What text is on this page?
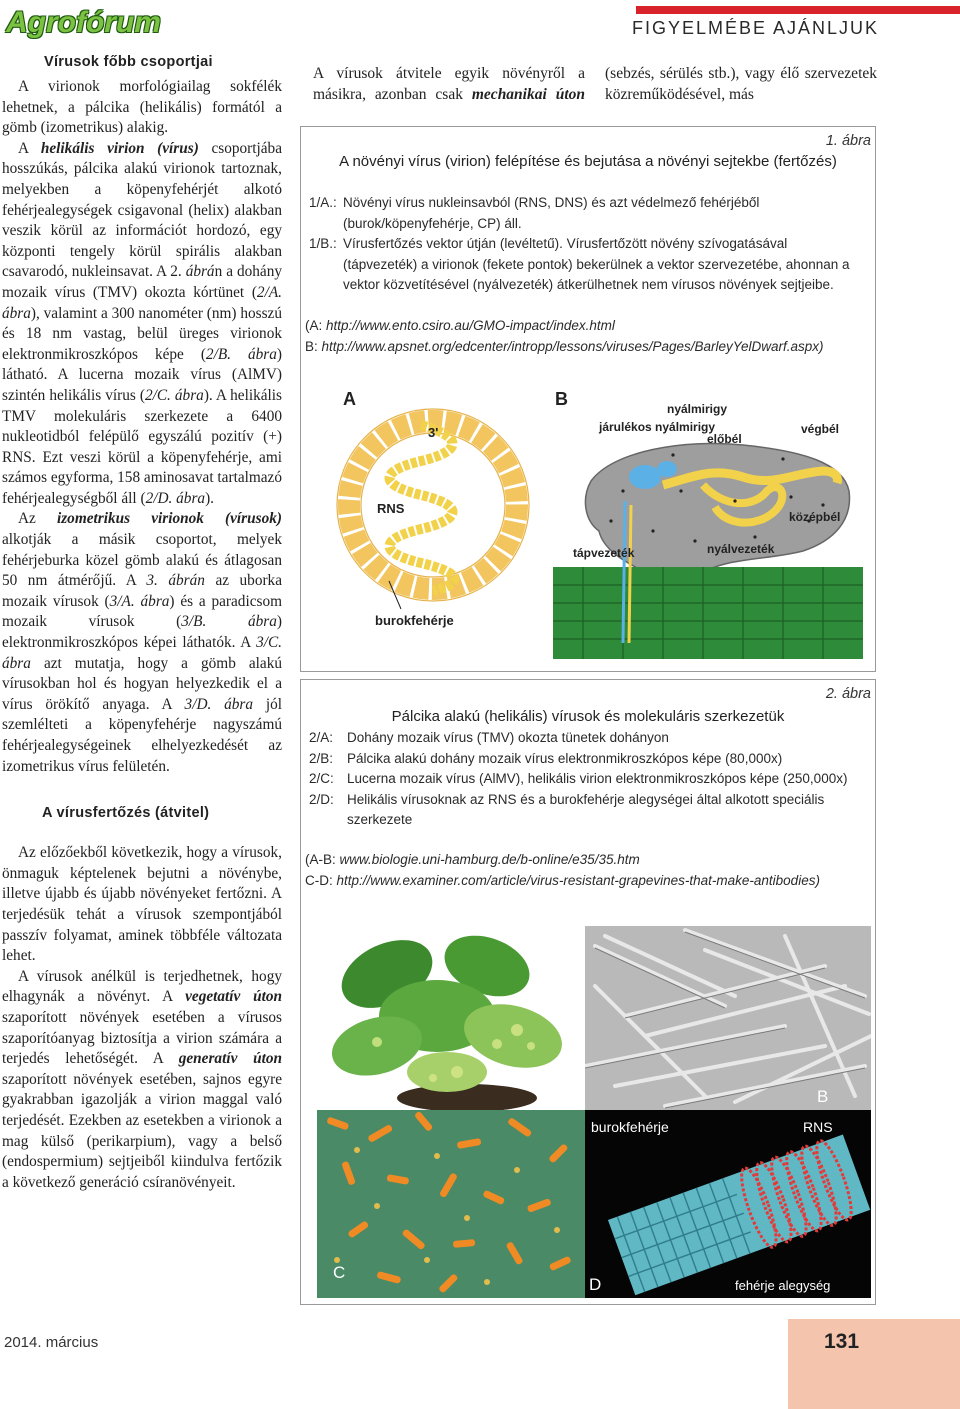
Agrofórum	FIGYELMÉBE AJÁNLJUK
Vírusok főbb csoportjai

A virionok morfológiailag sokfélék lehetnek, a pálcika (helikális) formától a gömb (izometrikus) alakig.

A helikális virion (vírus) csoportjába hosszúkás, pálcika alakú virionok tartoznak, melyekben a köpenyfehérjét alkotó fehérjealegységek csigavonal (helix) alakban veszik körül az információt hordozó, egy központi tengely körül spirális alakban csavarodó, nukleinsavat. A 2. ábrán a dohány mozaik vírus (TMV) okozta kórtünet (2/A. ábra), valamint a 300 nanométer (nm) hosszú és 18 nm vastag, belül üreges virionok elektronmikroszkópos képe (2/B. ábra) látható. A lucerna mozaik vírus (AlMV) szintén helikális vírus (2/C. ábra). A helikális TMV molekuláris szerkezete a 6400 nukleotidból felépülő egyszálú pozitív (+) RNS. Ezt veszi körül a köpenyfehérje, ami számos egyforma, 158 aminosavat tartalmazó fehérjealegységből áll (2/D. ábra).

Az izometrikus virionok (vírusok) alkotják a másik csoportot, melyek fehérjeburka közel gömb alakú és átlagosan 50 nm átmérőjű. A 3. ábrán az uborka mozaik vírusok (3/A. ábra) és a paradicsom mozaik vírusok (3/B. ábra) elektronmikroszkópos képei láthatók. A 3/C. ábra azt mutatja, hogy a gömb alakú vírusokban hol és hogyan helyezkedik el a vírus örökítő anyaga. A 3/D. ábra jól szemlélteti a köpenyfehérje nagyszámú fehérjealegységeinek elhelyezkedését az izometrikus vírus felületén.

A vírusfertőzés (átvitel)

Az előzőekből következik, hogy a vírusok, önmaguk képtelenek bejutni a növénybe, illetve újabb és újabb növényeket fertőzni. A terjedésük tehát a vírusok szempontjából passzív folyamat, aminek többféle változata lehet.

A vírusok anélkül is terjedhetnek, hogy elhagynák a növényt. A vegetatív úton szaporított növények esetében a vírusos szaporítóanyag biztosítja a virion számára a terjedés lehetőségét. A generatív úton szaporított növények esetében, sajnos egyre gyakrabban igazolják a virion maggal való terjedését. Ezekben az esetekben a virionok a mag külső (perikarpium), vagy a belső (endospermium) sejtjeiből kiindulva fertőzik a következő generáció csíranövényeit.

A vírusok átvitele egyik növényről a másikra, azonban csak mechanikai úton (sebzés, sérülés stb.), vagy élő szervezetek közreműködésével, más
1. ábra
A növényi vírus (virion) felépítése és bejutása a növényi sejtekbe (fertőzés)
1/A.: Növényi vírus nukleinsavból (RNS, DNS) és azt védelmező fehérjéből (burok/köpenyfehérje, CP) áll.
1/B.: Vírusfertőzés vektor útján (levéltetű). Vírusfertőzött növény szívogatásával (tápvezeték) a virionok (fekete pontok) bekerülnek a vektor szervezetébe, ahonnan a vektor közvetítésével (nyálvezeték) átkerülhetnek nem vírusos növények sejtjeibe.
(A: http://www.ento.csiro.au/GMO-impact/index.html
B: http://www.apsnet.org/edcenter/intropp/lessons/viruses/Pages/BarleyYelDwarf.aspx)
A
3'
RNS
burokfehérje
B	nyálmirigy
járulékos nyálmirigy
előbél
végbél
középbél
nyálvezeték
tápvezeték
2. ábra
Pálcika alakú (helikális) vírusok és molekuláris szerkezetük
2/A: Dohány mozaik vírus (TMV) okozta tünetek dohányon
2/B: Pálcika alakú dohány mozaik vírus elektronmikroszkópos képe (80,000x)
2/C: Lucerna mozaik vírus (AlMV), helikális virion elektronmikroszkópos képe (250,000x)
2/D: Helikális vírusoknak az RNS és a burokfehérje alegységei által alkotott speciális szerkezete
(A-B: www.biologie.uni-hamburg.de/b-online/e35/35.htm
C-D: http://www.examiner.com/article/virus-resistant-grapevines-that-make-antibodies)
A	B
C
burokfehérje	RNS
D	fehérje alegység
2014. március	131
